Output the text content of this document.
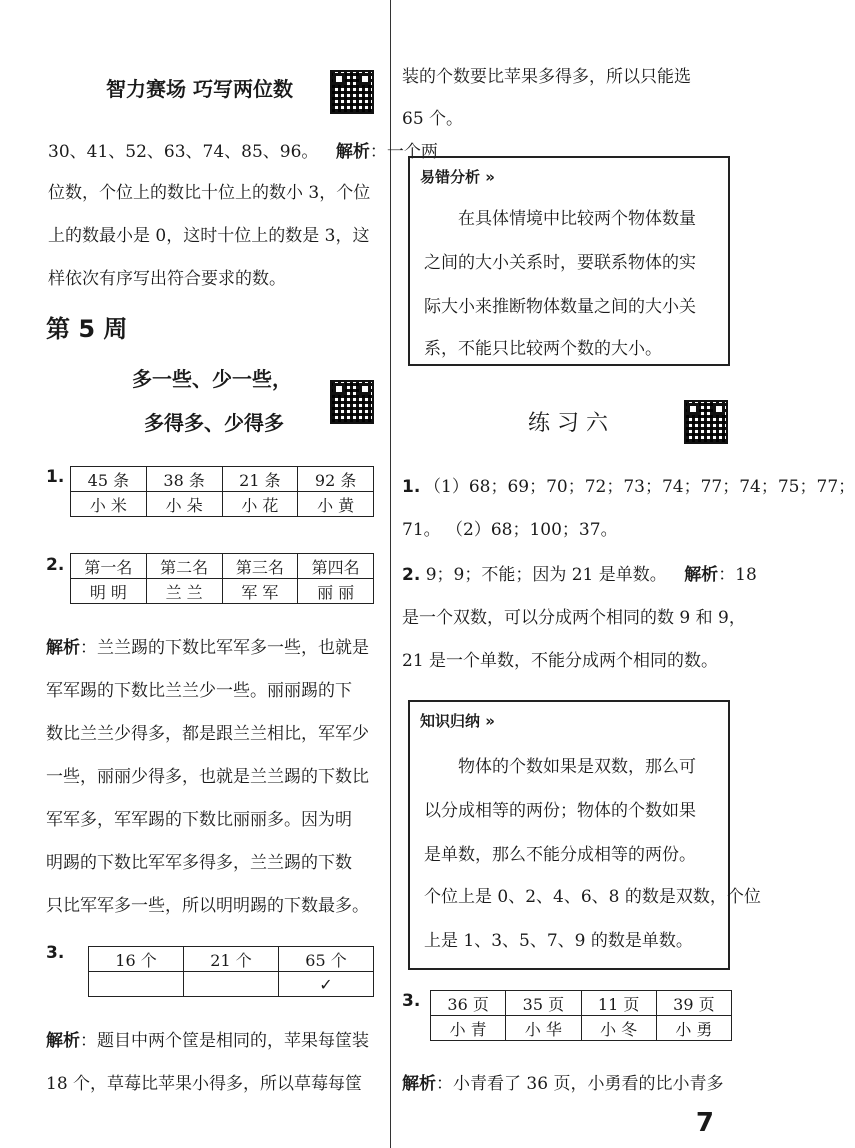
智力赛场 巧写两位数
30、41、52、63、74、85、96。 解析：一个两
位数，个位上的数比十位上的数小 3，个位
上的数最小是 0，这时十位上的数是 3，这
样依次有序写出符合要求的数。
第 5 周
多一些、少一些，
多得多、少得多
1. 45 条	38 条	21 条	92 条
小 米	小 朵	小 花	小 黄
2. 第一名	第二名	第三名	第四名
明 明	兰 兰	军 军	丽 丽
解析：兰兰踢的下数比军军多一些，也就是
军军踢的下数比兰兰少一些。丽丽踢的下
数比兰兰少得多，都是跟兰兰相比，军军少
一些，丽丽少得多，也就是兰兰踢的下数比
军军多，军军踢的下数比丽丽多。因为明
明踢的下数比军军多得多，兰兰踢的下数
只比军军多一些，所以明明踢的下数最多。
3.	16 个	21 个	65 个
		✓
解析：题目中两个筐是相同的，苹果每筐装
18 个，草莓比苹果小得多，所以草莓每筐
装的个数要比苹果多得多，所以只能选
65 个。
易错分析 »
在具体情境中比较两个物体数量
之间的大小关系时，要联系物体的实
际大小来推断物体数量之间的大小关
系，不能只比较两个数的大小。
练 习 六
1. （1）68；69；70；72；73；74；77；74；75；77；
71。 （2）68；100；37。
2. 9；9；不能；因为 21 是单数。 解析：18
是一个双数，可以分成两个相同的数 9 和 9，
21 是一个单数，不能分成两个相同的数。
知识归纳 »
物体的个数如果是双数，那么可
以分成相等的两份；物体的个数如果
是单数，那么不能分成相等的两份。
个位上是 0、2、4、6、8 的数是双数，个位
上是 1、3、5、7、9 的数是单数。
3. 36 页	35 页	11 页	39 页
小 青	小 华	小 冬	小 勇
解析：小青看了 36 页，小勇看的比小青多
7
